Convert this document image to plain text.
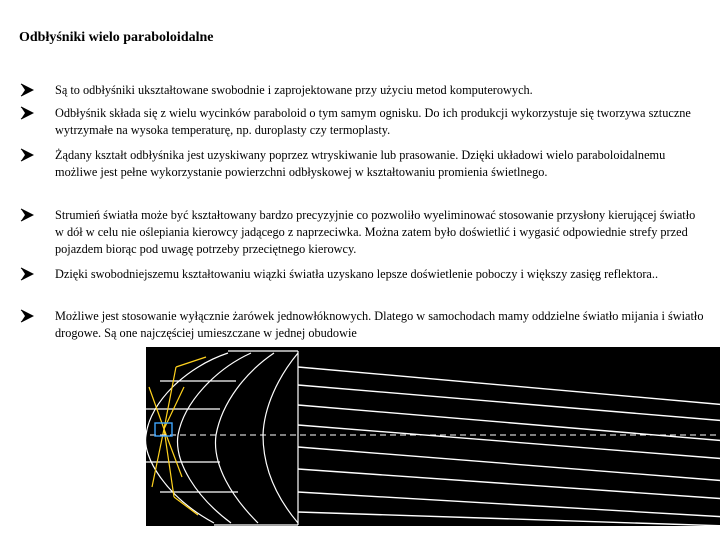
Odbłyśniki wielo paraboloidalne
Są to odbłyśniki ukształtowane swobodnie i zaprojektowane przy użyciu metod komputerowych.
Odbłyśnik składa się z wielu wycinków paraboloid o tym samym ognisku. Do ich produkcji wykorzystuje się tworzywa sztuczne wytrzymałe na wysoka temperaturę, np. duroplasty czy termoplasty.
Żądany kształt odbłyśnika jest uzyskiwany poprzez wtryskiwanie lub prasowanie. Dzięki układowi wielo paraboloidalnemu możliwe jest pełne wykorzystanie powierzchni odbłyskowej w kształtowaniu promienia świetlnego.
Strumień światła może być kształtowany bardzo precyzyjnie co pozwoliło wyeliminować stosowanie przysłony kierującej światło w dół w celu nie oślepiania kierowcy jadącego z naprzeciwka. Można zatem było doświetlić i wygasić odpowiednie strefy przed pojazdem biorąc pod uwagę potrzeby przeciętnego kierowcy.
Dzięki swobodniejszemu kształtowaniu wiązki światła uzyskano lepsze doświetlenie poboczy i większy zasięg reflektora..
Możliwe jest stosowanie wyłącznie żarówek jednowłóknowych. Dlatego w samochodach mamy oddzielne światło mijania i światło drogowe. Są one najczęściej umieszczane w jednej obudowie
